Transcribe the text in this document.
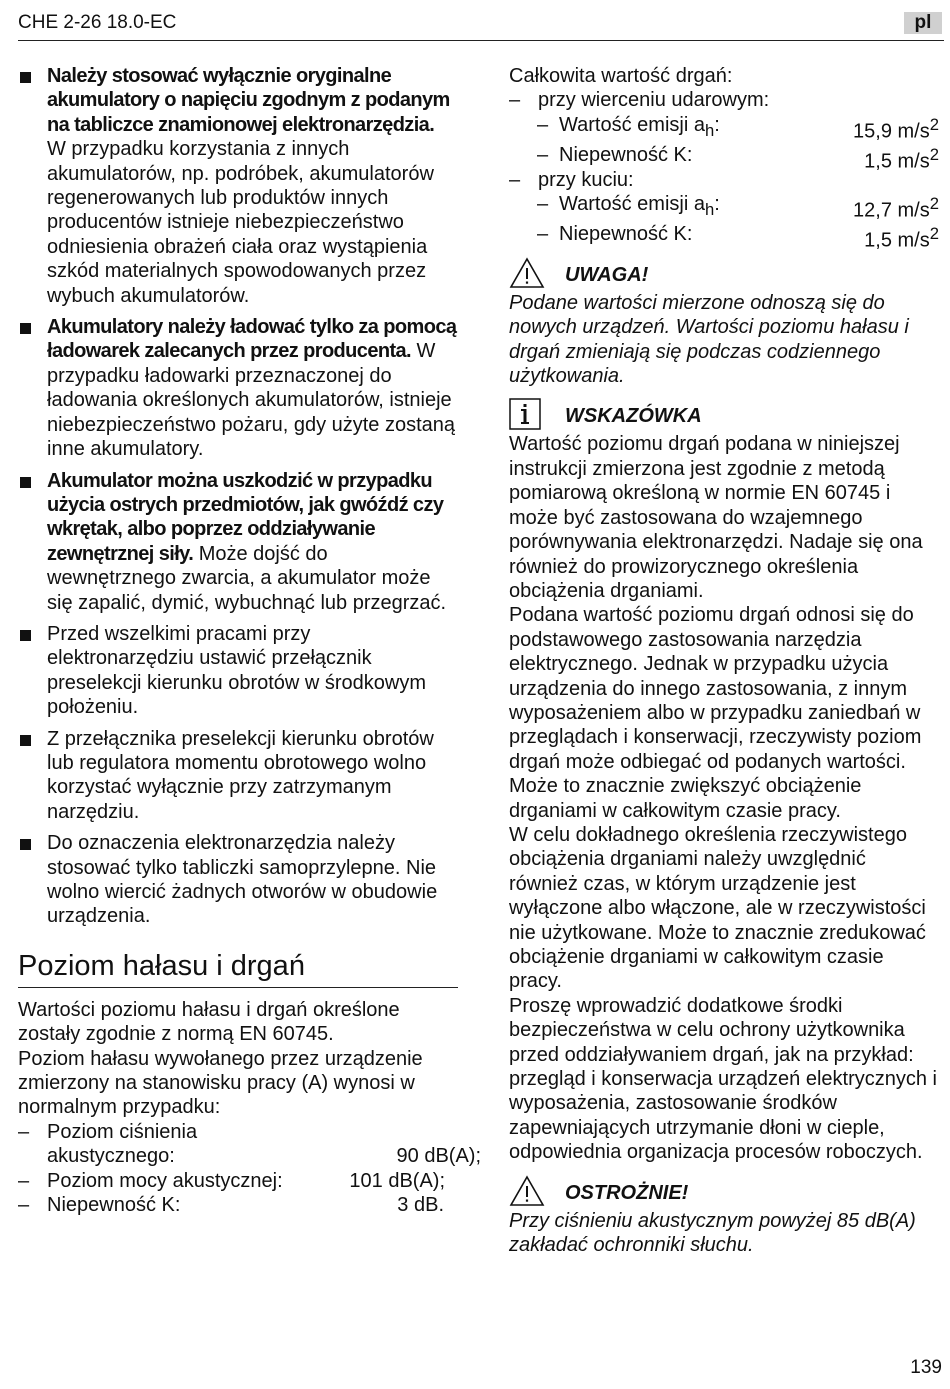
CHE 2-26 18.0-EC	pl
Należy stosować wyłącznie oryginalne akumulatory o napięciu zgodnym z podanym na tabliczce znamionowej elektronarzędzia. W przypadku korzystania z innych akumulatorów, np. podróbek, akumulatorów regenerowanych lub produktów innych producentów istnieje niebezpieczeństwo odniesienia obrażeń ciała oraz wystąpienia szkód materialnych spowodowanych przez wybuch akumulatorów.
Akumulatory należy ładować tylko za pomocą ładowarek zalecanych przez producenta. W przypadku ładowarki przeznaczonej do ładowania określonych akumulatorów, istnieje niebezpieczeństwo pożaru, gdy użyte zostaną inne akumulatory.
Akumulator można uszkodzić w przypadku użycia ostrych przedmiotów, jak gwóźdź czy wkrętak, albo poprzez oddziaływanie zewnętrznej siły. Może dojść do wewnętrznego zwarcia, a akumulator może się zapalić, dymić, wybuchnąć lub przegrzać.
Przed wszelkimi pracami przy elektronarzędziu ustawić przełącznik preselekcji kierunku obrotów w środkowym położeniu.
Z przełącznika preselekcji kierunku obrotów lub regulatora momentu obrotowego wolno korzystać wyłącznie przy zatrzymanym narzędziu.
Do oznaczenia elektronarzędzia należy stosować tylko tabliczki samoprzylepne. Nie wolno wiercić żadnych otworów w obudowie urządzenia.
Poziom hałasu i drgań
Wartości poziomu hałasu i drgań określone zostały zgodnie z normą EN 60745.
Poziom hałasu wywołanego przez urządzenie zmierzony na stanowisku pracy (A) wynosi w normalnym przypadku:
– Poziom ciśnienia
akustycznego:	90 dB(A);
– Poziom mocy akustycznej:	101 dB(A);
– Niepewność K:	3 dB.
Całkowita wartość drgań:
– przy wierceniu udarowym:
– Wartość emisji $a_h$:	15,9 $m/s^2$
– Niepewność K:	1,5 $m/s^2$
– przy kuciu:
– Wartość emisji $a_h$:	12,7 $m/s^2$
– Niepewność K:	1,5 $m/s^2$
UWAGA!
Podane wartości mierzone odnoszą się do nowych urządzeń. Wartości poziomu hałasu i drgań zmieniają się podczas codziennego użytkowania.
WSKAZÓWKA
Wartość poziomu drgań podana w niniejszej instrukcji zmierzona jest zgodnie z metodą pomiarową określoną w normie EN 60745 i może być zastosowana do wzajemnego porównywania elektronarzędzi. Nadaje się ona również do prowizorycznego określenia obciążenia drganiami.
Podana wartość poziomu drgań odnosi się do podstawowego zastosowania narzędzia elektrycznego. Jednak w przypadku użycia urządzenia do innego zastosowania, z innym wyposażeniem albo w przypadku zaniedbań w przeglądach i konserwacji, rzeczywisty poziom drgań może odbiegać od podanych wartości. Może to znacznie zwiększyć obciążenie drganiami w całkowitym czasie pracy.
W celu dokładnego określenia rzeczywistego obciążenia drganiami należy uwzględnić również czas, w którym urządzenie jest wyłączone albo włączone, ale w rzeczywistości nie użytkowane. Może to znacznie zredukować obciążenie drganiami w całkowitym czasie pracy.
Proszę wprowadzić dodatkowe środki bezpieczeństwa w celu ochrony użytkownika przed oddziaływaniem drgań, jak na przykład: przegląd i konserwacja urządzeń elektrycznych i wyposażenia, zastosowanie środków zapewniających utrzymanie dłoni w cieple, odpowiednia organizacja procesów roboczych.
OSTROŻNIE!
Przy ciśnieniu akustycznym powyżej 85 dB(A) zakładać ochronniki słuchu.
139
